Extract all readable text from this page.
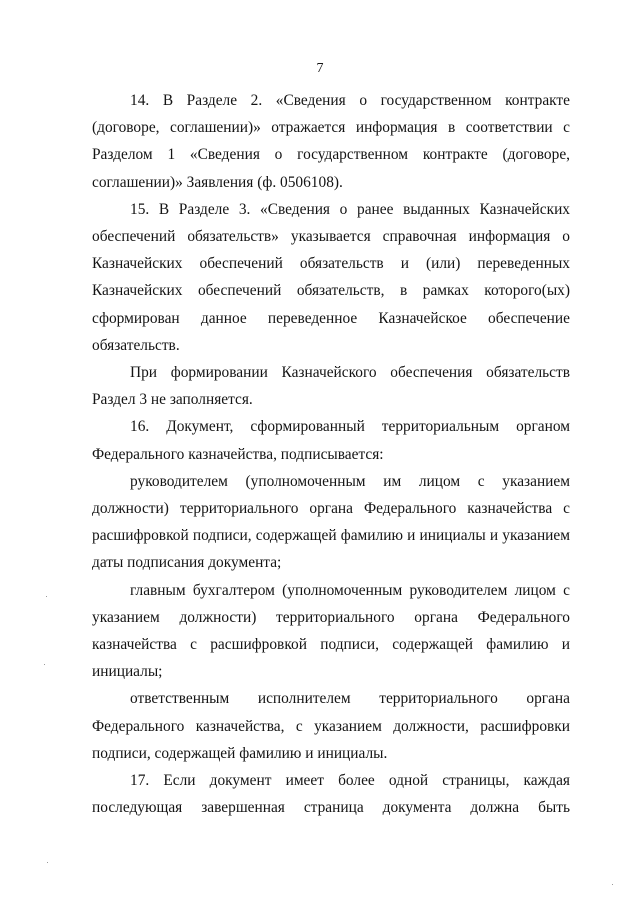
7

14. В Разделе 2. «Сведения о государственном контракте (договоре, соглашении)» отражается информация в соответствии с Разделом 1 «Сведения о государственном контракте (договоре, соглашении)» Заявления (ф. 0506108).

15. В Разделе 3. «Сведения о ранее выданных Казначейских обеспечений обязательств» указывается справочная информация о Казначейских обеспечений обязательств и (или) переведенных Казначейских обеспечений обязательств, в рамках которого(ых) сформирован данное переведенное Казначейское обеспечение обязательств.

При формировании Казначейского обеспечения обязательств Раздел 3 не заполняется.

16. Документ, сформированный территориальным органом Федерального казначейства, подписывается:

руководителем (уполномоченным им лицом с указанием должности) территориального органа Федерального казначейства с расшифровкой подписи, содержащей фамилию и инициалы и указанием даты подписания документа;

главным бухгалтером (уполномоченным руководителем лицом с указанием должности) территориального органа Федерального казначейства с расшифровкой подписи, содержащей фамилию и инициалы;

ответственным исполнителем территориального органа Федерального казначейства, с указанием должности, расшифровки подписи, содержащей фамилию и инициалы.

17. Если документ имеет более одной страницы, каждая последующая завершенная страница документа должна быть
